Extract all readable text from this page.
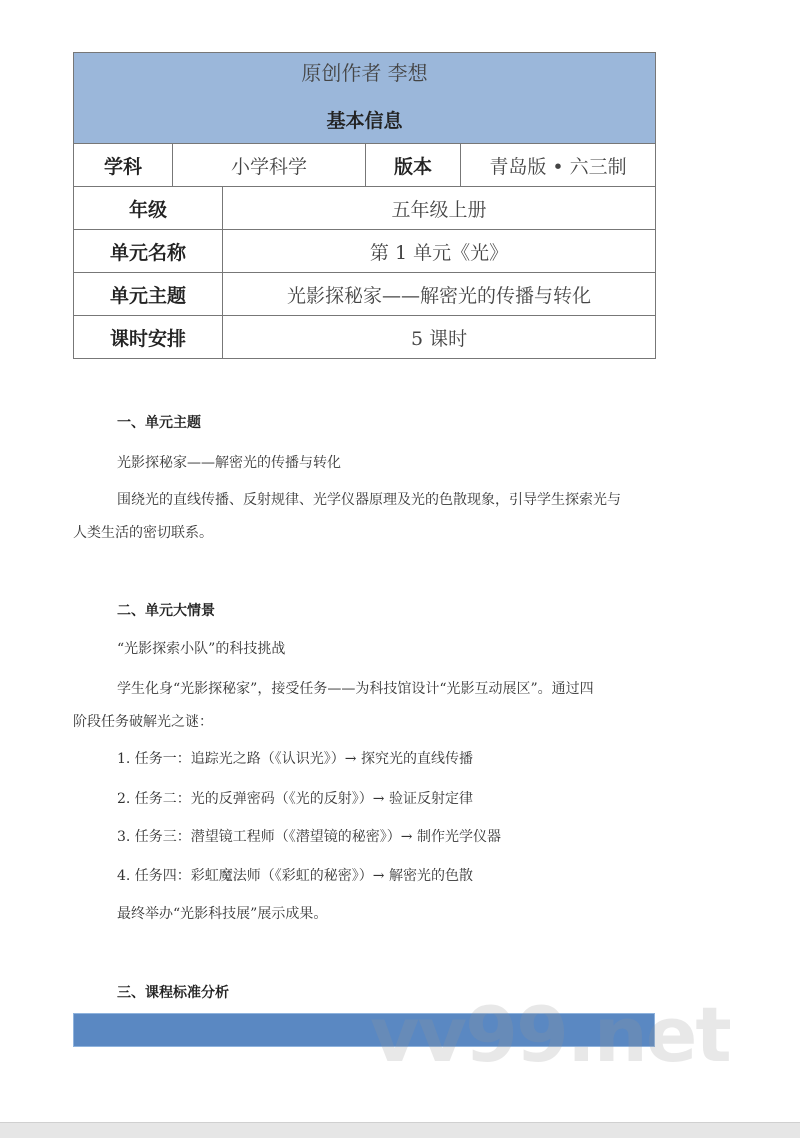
原创作者 李想
基本信息				

学科	小学科学		版本	青岛版 • 六三制
年级		五年级上册		
单元名称		第 1 单元《光》		
单元主题		光影探秘家——解密光的传播与转化		
课时安排		5 课时		
一、单元主题
光影探秘家——解密光的传播与转化
围绕光的直线传播、反射规律、光学仪器原理及光的色散现象，引导学生探索光与
人类生活的密切联系。
二、单元大情景
“光影探索小队”的科技挑战
学生化身“光影探秘家”，接受任务——为科技馆设计“光影互动展区”。通过四
阶段任务破解光之谜：
1. 任务一：追踪光之路（《认识光》）→ 探究光的直线传播
2. 任务二：光的反弹密码（《光的反射》）→ 验证反射定律
3. 任务三：潜望镜工程师（《潜望镜的秘密》）→ 制作光学仪器
4. 任务四：彩虹魔法师（《彩虹的秘密》）→ 解密光的色散
最终举办“光影科技展”展示成果。
三、课程标准分析 vv99.net
